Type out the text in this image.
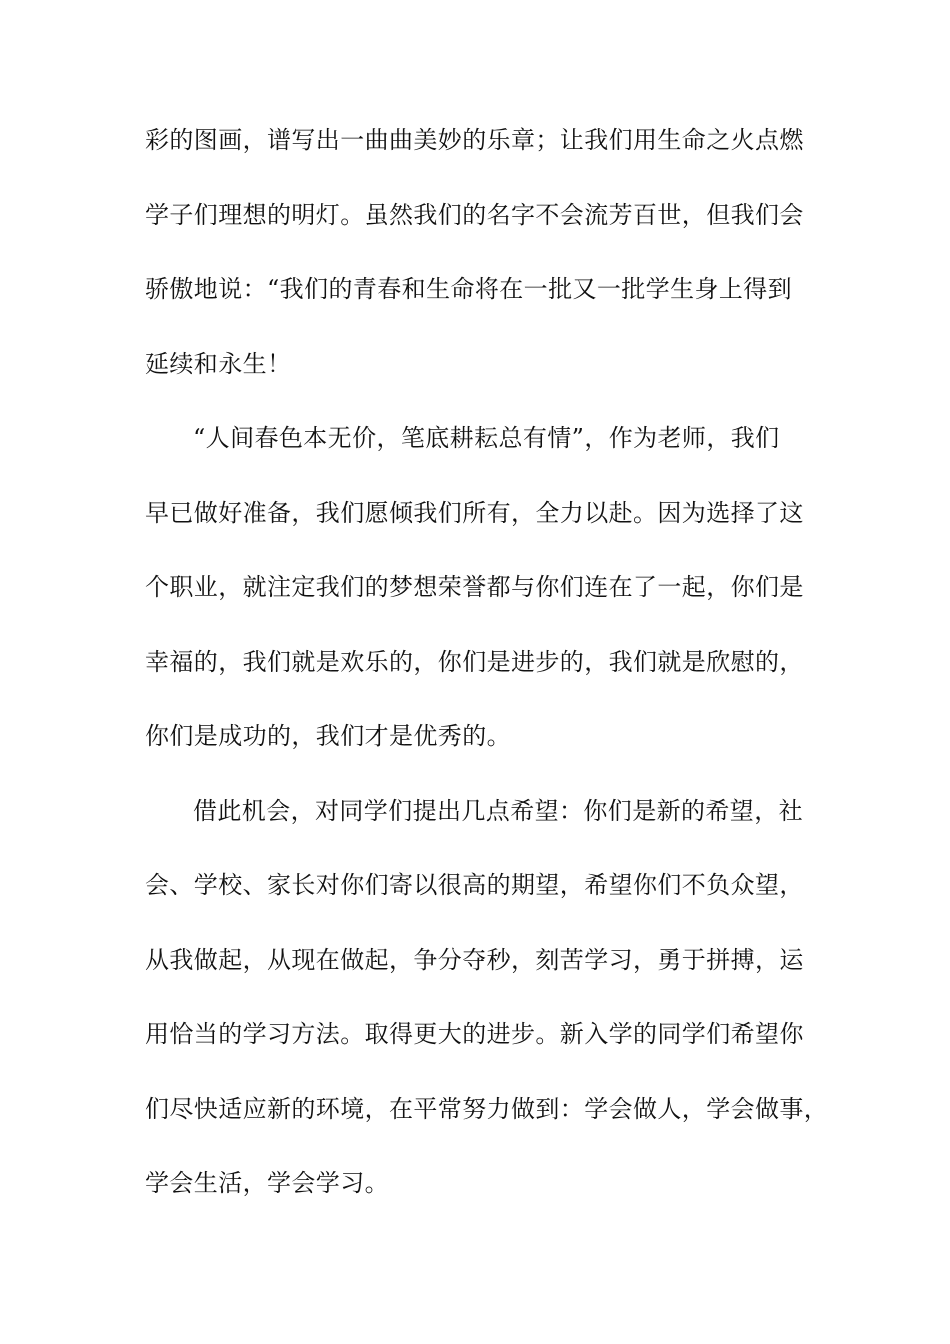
彩的图画，谱写出一曲曲美妙的乐章；让我们用生命之火点燃
学子们理想的明灯。虽然我们的名字不会流芳百世，但我们会
骄傲地说：“我们的青春和生命将在一批又一批学生身上得到
延续和永生！
“人间春色本无价，笔底耕耘总有情”，作为老师，我们
早已做好准备，我们愿倾我们所有，全力以赴。因为选择了这
个职业，就注定我们的梦想荣誉都与你们连在了一起，你们是
幸福的，我们就是欢乐的，你们是进步的，我们就是欣慰的，
你们是成功的，我们才是优秀的。
借此机会，对同学们提出几点希望：你们是新的希望，社
会、学校、家长对你们寄以很高的期望，希望你们不负众望，
从我做起，从现在做起，争分夺秒，刻苦学习，勇于拼搏，运
用恰当的学习方法。取得更大的进步。新入学的同学们希望你
们尽快适应新的环境，在平常努力做到：学会做人，学会做事，
学会生活，学会学习。
